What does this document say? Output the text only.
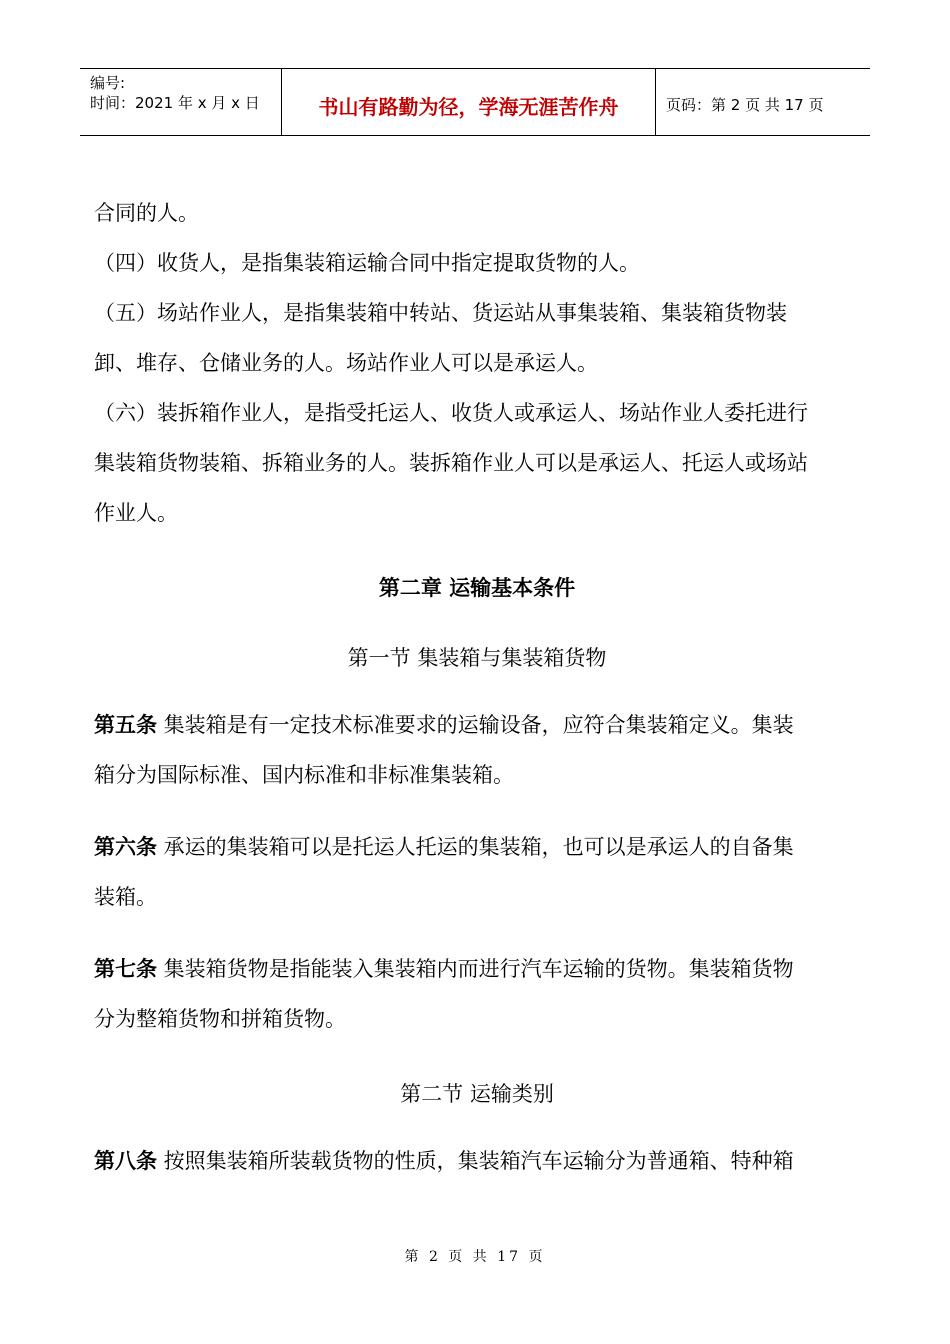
编号:
时间：2021 年 x 月 x 日	书山有路勤为径，学海无涯苦作舟	页码：第 2 页 共 17 页

合同的人。

（四）收货人，是指集装箱运输合同中指定提取货物的人。

（五）场站作业人，是指集装箱中转站、货运站从事集装箱、集装箱货物装

卸、堆存、仓储业务的人。场站作业人可以是承运人。

（六）装拆箱作业人，是指受托运人、收货人或承运人、场站作业人委托进行

集装箱货物装箱、拆箱业务的人。装拆箱作业人可以是承运人、托运人或场站

作业人。

第二章 运输基本条件
第一节 集装箱与集装箱货物
第五条 集装箱是有一定技术标准要求的运输设备，应符合集装箱定义。集装
箱分为国际标准、国内标准和非标准集装箱。
第六条 承运的集装箱可以是托运人托运的集装箱，也可以是承运人的自备集
装箱。
第七条 集装箱货物是指能装入集装箱内而进行汽车运输的货物。集装箱货物
分为整箱货物和拼箱货物。
第二节 运输类别
第八条 按照集装箱所装载货物的性质，集装箱汽车运输分为普通箱、特种箱
第 2 页 共 17 页
